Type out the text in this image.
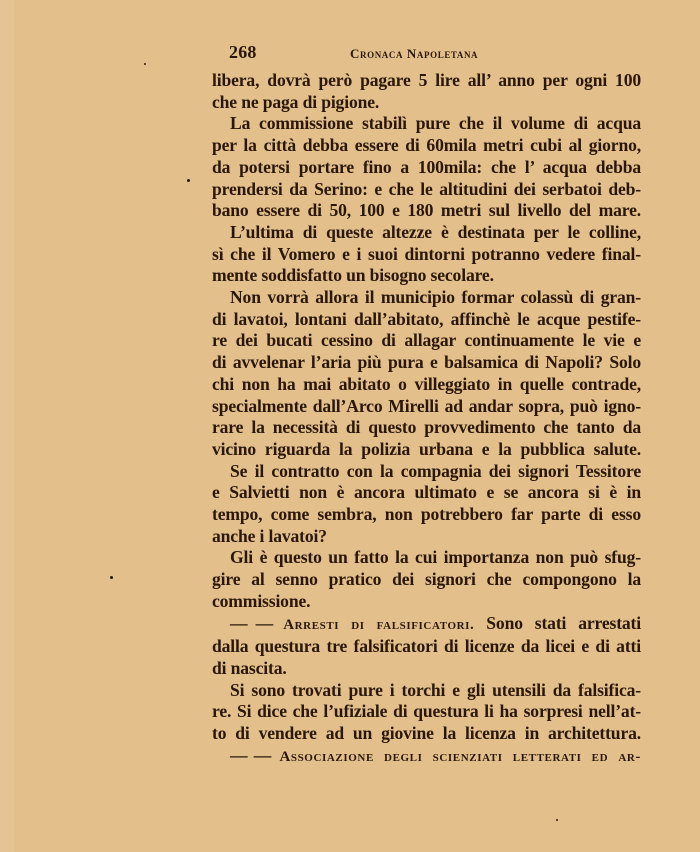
268	Cronaca Napoletana

libera, dovrà però pagare 5 lire all’ anno per ogni 100
che ne paga di pigione.

La commissione stabilì pure che il volume di acqua
per la città debba essere di 60mila metri cubi al giorno,
da potersi portare fino a 100mila: che l’ acqua debba
prendersi da Serino: e che le altitudini dei serbatoi deb-
bano essere di 50, 100 e 180 metri sul livello del mare.

L’ultima di queste altezze è destinata per le colline,
sì che il Vomero e i suoi dintorni potranno vedere final-
mente soddisfatto un bisogno secolare.

Non vorrà allora il municipio formar colassù di gran-
di lavatoi, lontani dall’abitato, affinchè le acque pestife-
re dei bucati cessino di allagar continuamente le vie e
di avvelenar l’aria più pura e balsamica di Napoli? Solo
chi non ha mai abitato o villeggiato in quelle contrade,
specialmente dall’Arco Mirelli ad andar sopra, può igno-
rare la necessità di questo provvedimento che tanto da
vicino riguarda la polizia urbana e la pubblica salute.

Se il contratto con la compagnia dei signori Tessitore
e Salvietti non è ancora ultimato e se ancora si è in
tempo, come sembra, non potrebbero far parte di esso
anche i lavatoi?

Gli è questo un fatto la cui importanza non può sfug-
gire al senno pratico dei signori che compongono la
commissione.

— — Arresti di falsificatori. Sono stati arrestati
dalla questura tre falsificatori di licenze da licei e di atti
di nascita.

Si sono trovati pure i torchi e gli utensili da falsifica-
re. Si dice che l’ufiziale di questura li ha sorpresi nell’at-
to di vendere ad un giovine la licenza in architettura.

— — Associazione degli scienziati letterati ed ar-
